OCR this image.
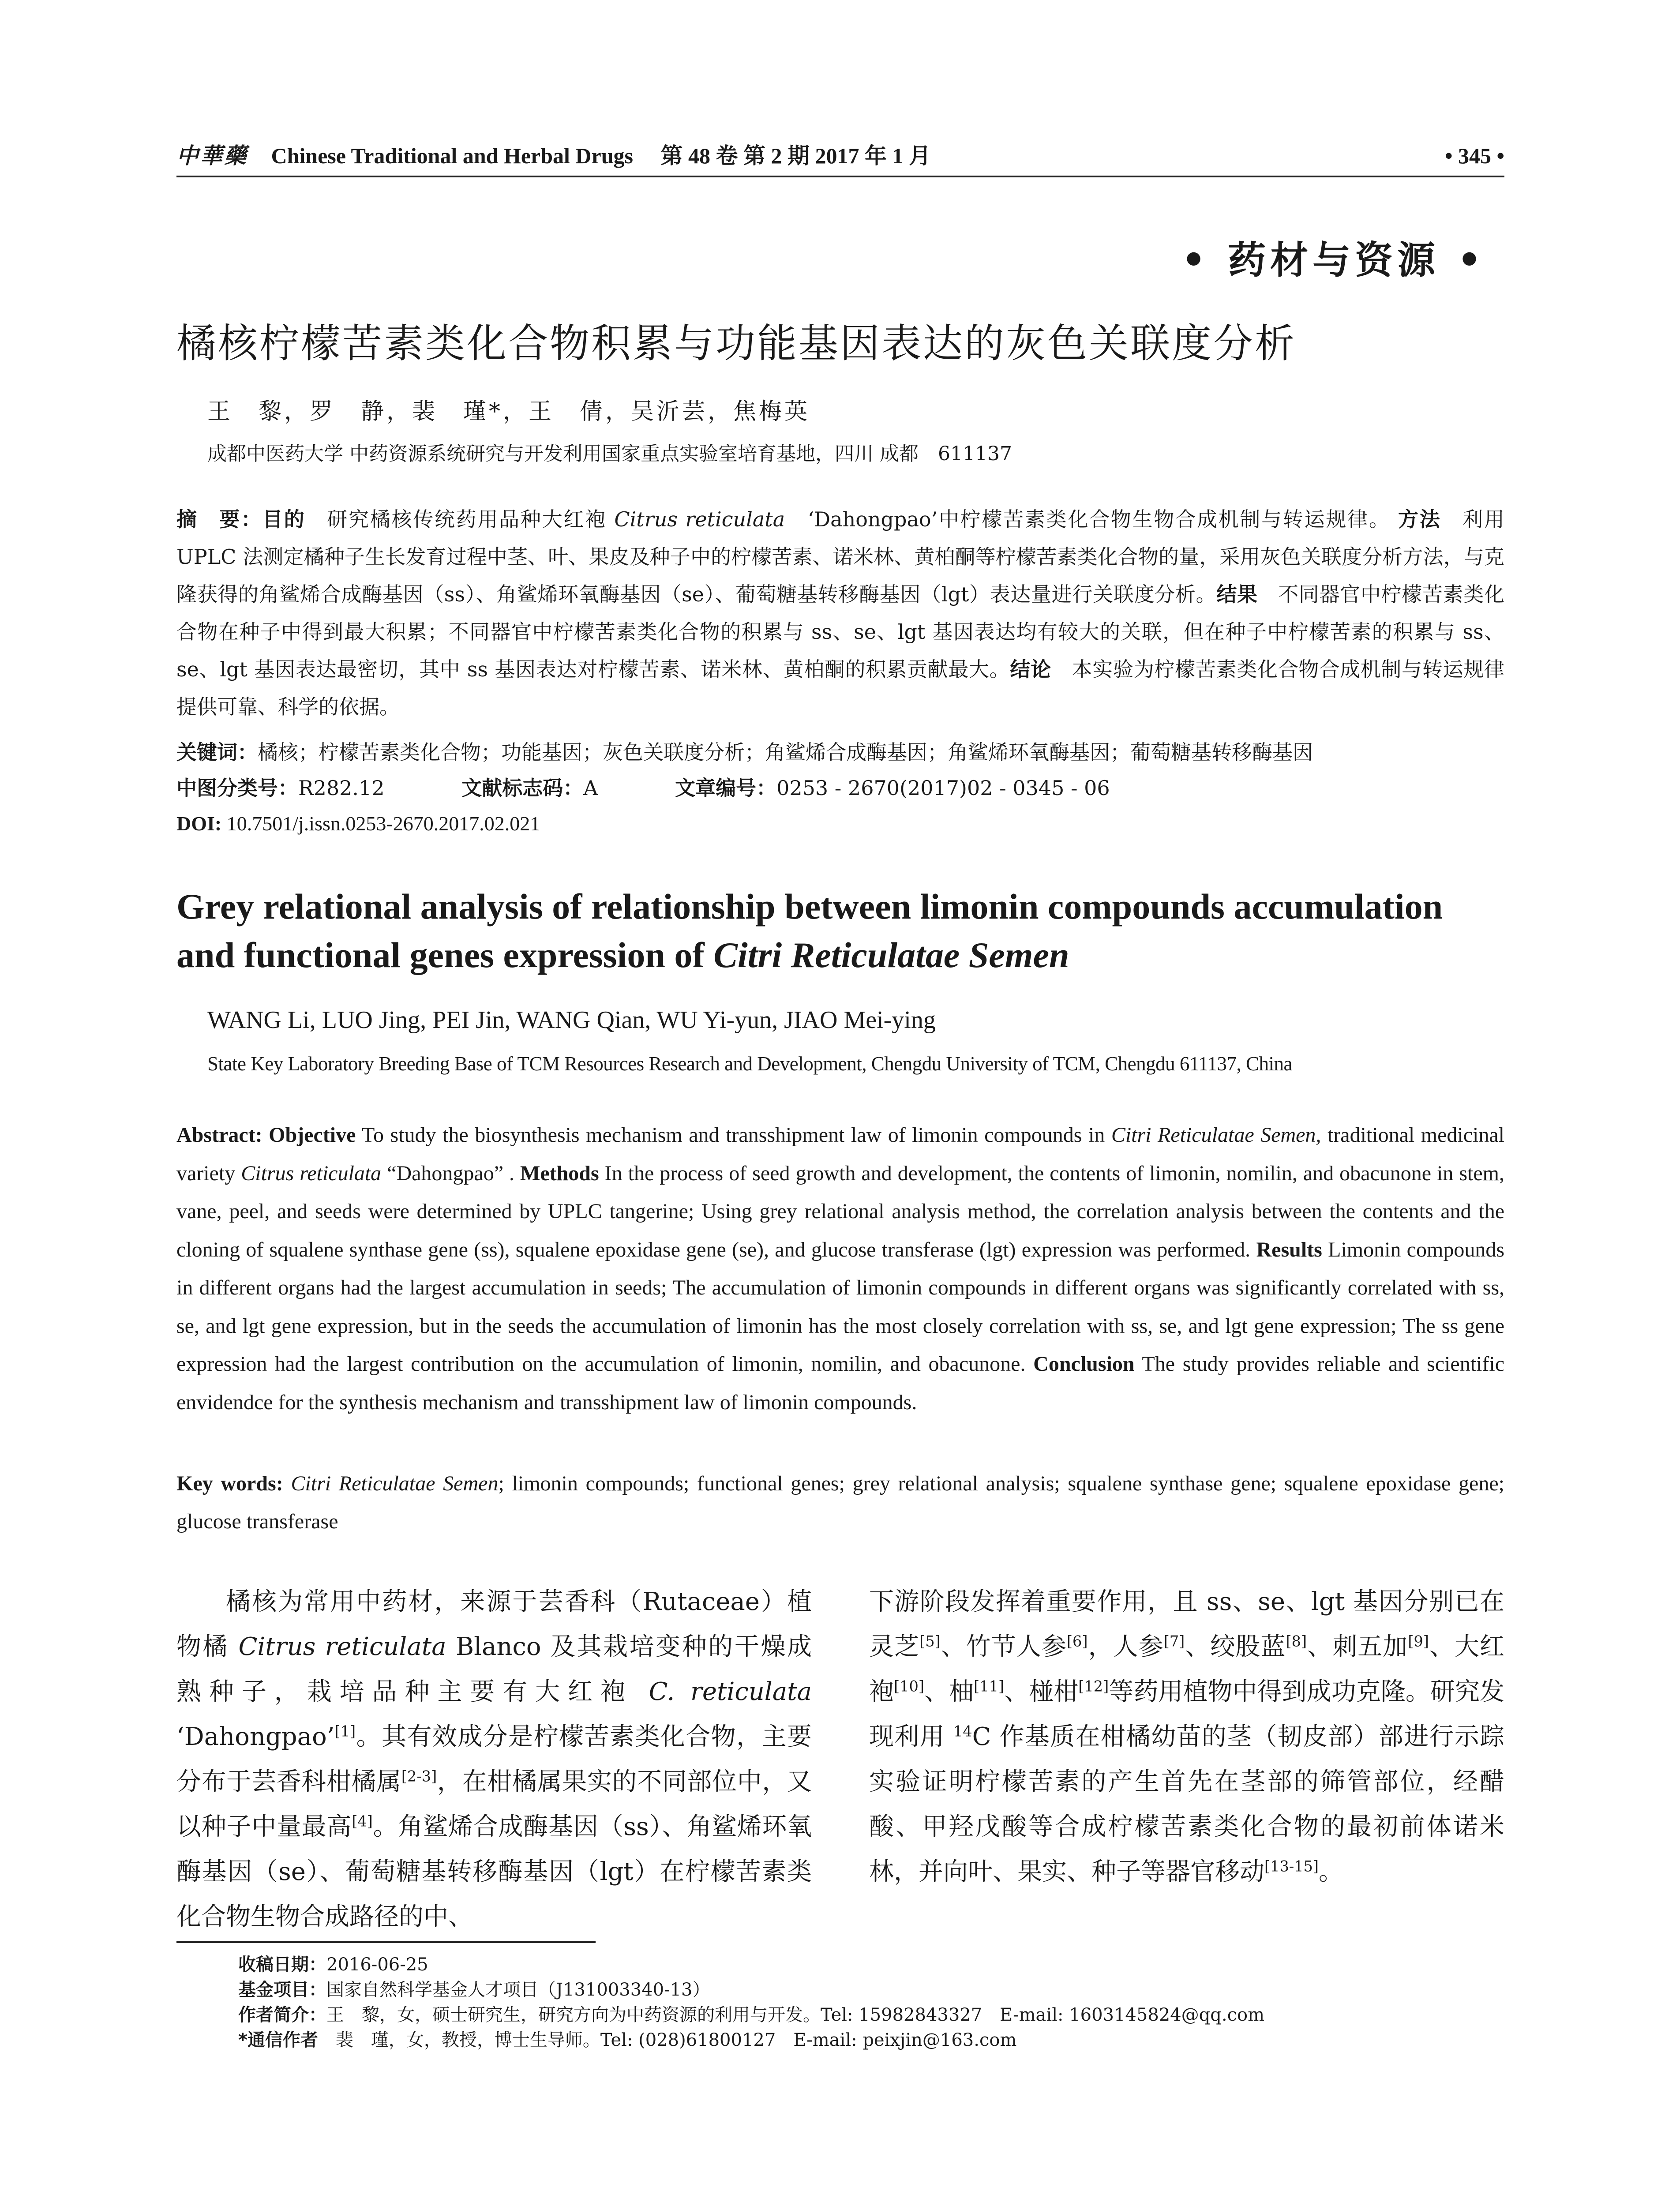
中華藥 Chinese Traditional and Herbal Drugs 第 48 卷 第 2 期 2017 年 1 月	• 345 •
• 药材与资源 •
橘核柠檬苦素类化合物积累与功能基因表达的灰色关联度分析
王　黎，罗　静，裴　瑾*，王　倩，吴沂芸，焦梅英
成都中医药大学 中药资源系统研究与开发利用国家重点实验室培育基地，四川 成都　611137
摘　要：目的　研究橘核传统药用品种大红袍 Citrus reticulata　‘Dahongpao’中柠檬苦素类化合物生物合成机制与转运规律。 方法　利用 UPLC 法测定橘种子生长发育过程中茎、叶、果皮及种子中的柠檬苦素、诺米林、黄柏酮等柠檬苦素类化合物的量，采用灰色关联度分析方法，与克隆获得的角鲨烯合成酶基因（ss）、角鲨烯环氧酶基因（se）、葡萄糖基转移酶基因（lgt）表达量进行关联度分析。结果　不同器官中柠檬苦素类化合物在种子中得到最大积累；不同器官中柠檬苦素类化合物的积累与 ss、se、lgt 基因表达均有较大的关联，但在种子中柠檬苦素的积累与 ss、se、lgt 基因表达最密切，其中 ss 基因表达对柠檬苦素、诺米林、黄柏酮的积累贡献最大。结论　本实验为柠檬苦素类化合物合成机制与转运规律提供可靠、科学的依据。
关键词：橘核；柠檬苦素类化合物；功能基因；灰色关联度分析；角鲨烯合成酶基因；角鲨烯环氧酶基因；葡萄糖基转移酶基因
中图分类号：R282.12	文献标志码：A	文章编号：0253 - 2670(2017)02 - 0345 - 06
DOI: 10.7501/j.issn.0253-2670.2017.02.021
Grey relational analysis of relationship between limonin compounds accumulation and functional genes expression of Citri Reticulatae Semen
WANG Li, LUO Jing, PEI Jin, WANG Qian, WU Yi-yun, JIAO Mei-ying
State Key Laboratory Breeding Base of TCM Resources Research and Development, Chengdu University of TCM, Chengdu 611137, China
Abstract: Objective To study the biosynthesis mechanism and transshipment law of limonin compounds in Citri Reticulatae Semen, traditional medicinal variety Citrus reticulata “Dahongpao” . Methods In the process of seed growth and development, the contents of limonin, nomilin, and obacunone in stem, vane, peel, and seeds were determined by UPLC tangerine; Using grey relational analysis method, the correlation analysis between the contents and the cloning of squalene synthase gene (ss), squalene epoxidase gene (se), and glucose transferase (lgt) expression was performed. Results Limonin compounds in different organs had the largest accumulation in seeds; The accumulation of limonin compounds in different organs was significantly correlated with ss, se, and lgt gene expression, but in the seeds the accumulation of limonin has the most closely correlation with ss, se, and lgt gene expression; The ss gene expression had the largest contribution on the accumulation of limonin, nomilin, and obacunone. Conclusion The study provides reliable and scientific envidendce for the synthesis mechanism and transshipment law of limonin compounds.
Key words: Citri Reticulatae Semen; limonin compounds; functional genes; grey relational analysis; squalene synthase gene; squalene epoxidase gene; glucose transferase
橘核为常用中药材，来源于芸香科（Rutaceae）植物橘 Citrus reticulata Blanco 及其栽培变种的干燥成熟种子，栽培品种主要有大红袍 C. reticulata ‘Dahongpao’[1]。其有效成分是柠檬苦素类化合物，主要分布于芸香科柑橘属[2-3]，在柑橘属果实的不同部位中，又以种子中量最高[4]。角鲨烯合成酶基因（ss）、角鲨烯环氧酶基因（se）、葡萄糖基转移酶基因（lgt）在柠檬苦素类化合物生物合成路径的中、
下游阶段发挥着重要作用，且 ss、se、lgt 基因分别已在灵芝[5]、竹节人参[6]，人参[7]、绞股蓝[8]、刺五加[9]、大红袍[10]、柚[11]、椪柑[12]等药用植物中得到成功克隆。研究发现利用 $^{14}$C 作基质在柑橘幼苗的茎（韧皮部）部进行示踪实验证明柠檬苦素的产生首先在茎部的筛管部位，经醋酸、甲羟戊酸等合成柠檬苦素类化合物的最初前体诺米林，并向叶、果实、种子等器官移动[13-15]。
收稿日期：2016-06-25
基金项目：国家自然科学基金人才项目（J131003340-13）
作者简介：王　黎，女，硕士研究生，研究方向为中药资源的利用与开发。Tel: 15982843327　E-mail: 1603145824@qq.com
*通信作者　裴　瑾，女，教授，博士生导师。Tel: (028)61800127　E-mail: peixjin@163.com
